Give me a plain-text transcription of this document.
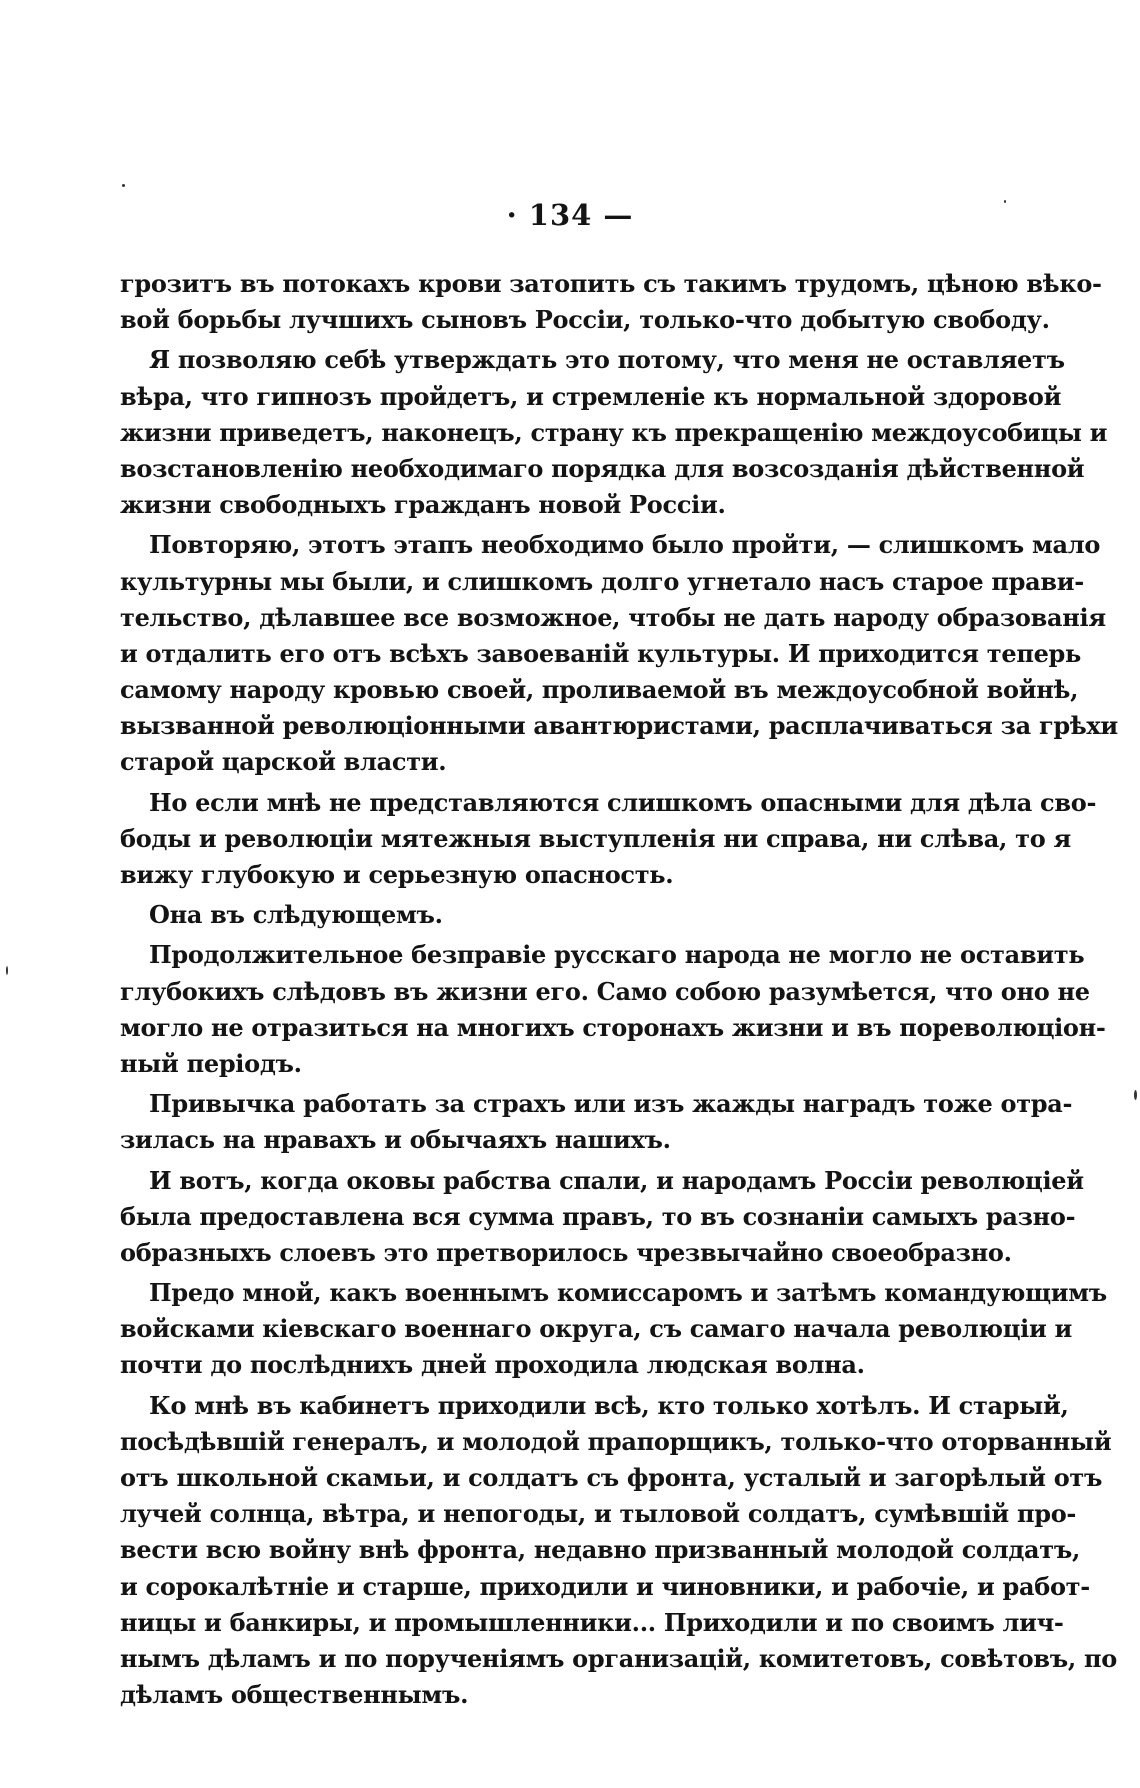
· 134 —
грозитъ въ потокахъ крови затопить съ такимъ трудомъ, цѣною вѣко-
вой борьбы лучшихъ сыновъ Россіи, только-что добытую свободу.
Я позволяю себѣ утверждать это потому, что меня не оставляетъ
вѣра, что гипнозъ пройдетъ, и стремленіе къ нормальной здоровой
жизни приведетъ, наконецъ, страну къ прекращенію междоусобицы и
возстановленію необходимаго порядка для возсозданія дѣйственной
жизни свободныхъ гражданъ новой Россіи.
Повторяю, этотъ этапъ необходимо было пройти, — слишкомъ мало
культурны мы были, и слишкомъ долго угнетало насъ старое прави-
тельство, дѣлавшее все возможное, чтобы не дать народу образованія
и отдалить его отъ всѣхъ завоеваній культуры. И приходится теперь
самому народу кровью своей, проливаемой въ междоусобной войнѣ,
вызванной революціонными авантюристами, расплачиваться за грѣхи
старой царской власти.
Но если мнѣ не представляются слишкомъ опасными для дѣла сво-
боды и революціи мятежныя выступленія ни справа, ни слѣва, то я
вижу глубокую и серьезную опасность.
Она въ слѣдующемъ.
Продолжительное безправіе русскаго народа не могло не оставить
глубокихъ слѣдовъ въ жизни его. Само собою разумѣется, что оно не
могло не отразиться на многихъ сторонахъ жизни и въ пореволюціон-
ный періодъ.
Привычка работать за страхъ или изъ жажды наградъ тоже отра-
зилась на нравахъ и обычаяхъ нашихъ.
И вотъ, когда оковы рабства спали, и народамъ Россіи революціей
была предоставлена вся сумма правъ, то въ сознаніи самыхъ разно-
образныхъ слоевъ это претворилось чрезвычайно своеобразно.
Предо мной, какъ военнымъ комиссаромъ и затѣмъ командующимъ
войсками кіевскаго военнаго округа, съ самаго начала революціи и
почти до послѣднихъ дней проходила людская волна.
Ко мнѣ въ кабинетъ приходили всѣ, кто только хотѣлъ. И старый,
посѣдѣвшій генералъ, и молодой прапорщикъ, только-что оторванный
отъ школьной скамьи, и солдатъ съ фронта, усталый и загорѣлый отъ
лучей солнца, вѣтра, и непогоды, и тыловой солдатъ, сумѣвшій про-
вести всю войну внѣ фронта, недавно призванный молодой солдатъ,
и сорокалѣтніе и старше, приходили и чиновники, и рабочіе, и работ-
ницы и банкиры, и промышленники... Приходили и по своимъ лич-
нымъ дѣламъ и по порученіямъ организацій, комитетовъ, совѣтовъ, по
дѣламъ общественнымъ.
